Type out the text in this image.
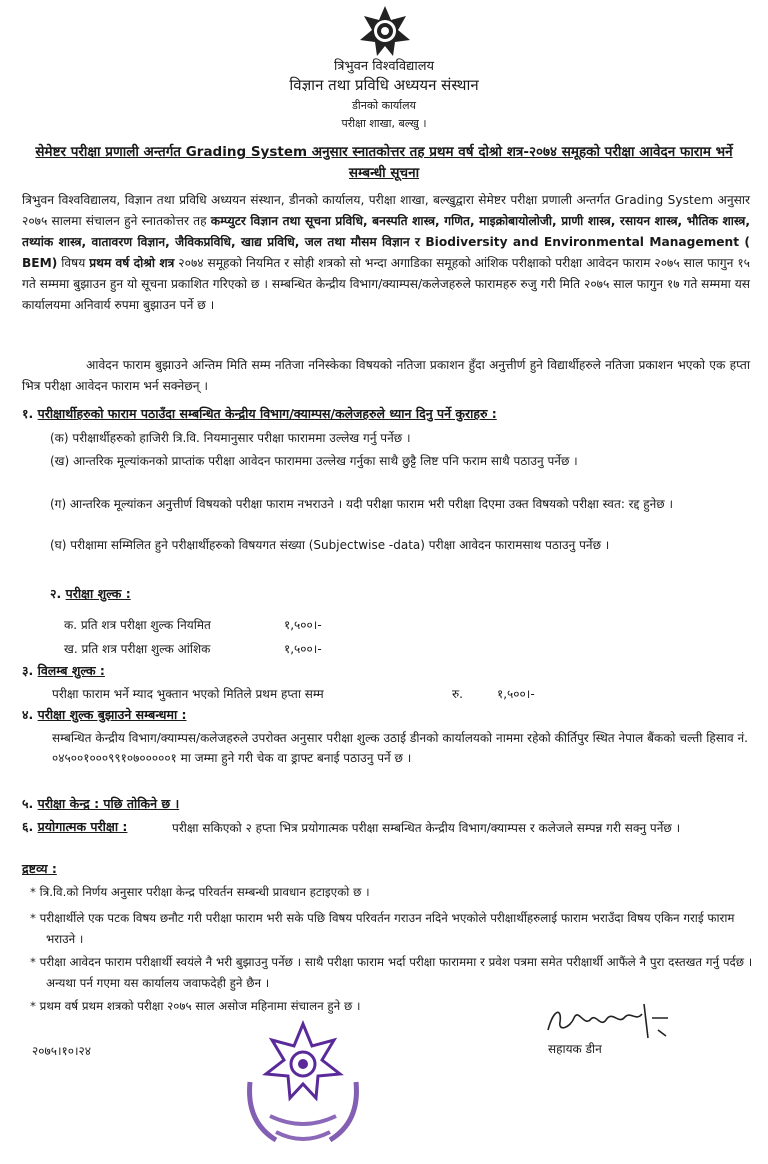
त्रिभुवन विश्वविद्यालय
विज्ञान तथा प्रविधि अध्ययन संस्थान
डीनको कार्यालय
परीक्षा शाखा, बल्खु ।
सेमेष्टर परीक्षा प्रणाली अन्तर्गत Grading System अनुसार स्नातकोत्तर तह प्रथम वर्ष दोश्रो शत्र-२०७४ समूहको परीक्षा आवेदन फाराम भर्ने सम्बन्धी सूचना
त्रिभुवन विश्वविद्यालय, विज्ञान तथा प्रविधि अध्ययन संस्थान, डीनको कार्यालय, परीक्षा शाखा, बल्खुद्वारा सेमेष्टर परीक्षा प्रणाली अन्तर्गत Grading System अनुसार २०७५ सालमा संचालन हुने स्नातकोत्तर तह कम्प्युटर विज्ञान तथा सूचना प्रविधि, बनस्पति शास्त्र, गणित, माइक्रोबायोलोजी, प्राणी शास्त्र, रसायन शास्त्र, भौतिक शास्त्र, तथ्यांक शास्त्र, वातावरण विज्ञान, जैविकप्रविधि, खाद्य प्रविधि, जल तथा मौसम विज्ञान र Biodiversity and Environmental Management ( BEM) विषय प्रथम वर्ष दोश्रो शत्र २०७४ समूहको नियमित र सोही शत्रको सो भन्दा अगाडिका समूहको आंशिक परीक्षाको परीक्षा आवेदन फाराम २०७५ साल फागुन १५ गते सम्ममा बुझाउन हुन यो सूचना प्रकाशित गरिएको छ । सम्बन्धित केन्द्रीय विभाग/क्याम्पस/कलेजहरुले फारामहरु रुजु गरी मिति २०७५ साल फागुन १७ गते सम्ममा यस कार्यालयमा अनिवार्य रुपमा बुझाउन पर्ने छ ।
आवेदन फाराम बुझाउने अन्तिम मिति सम्म नतिजा ननिस्केका विषयको नतिजा प्रकाशन हुँदा अनुत्तीर्ण हुने विद्यार्थीहरुले नतिजा प्रकाशन भएको एक हप्ता भित्र परीक्षा आवेदन फाराम भर्न सक्नेछन् ।
१. परीक्षार्थीहरुको फाराम पठाउँदा सम्बन्धित केन्द्रीय विभाग/क्याम्पस/कलेजहरुले ध्यान दिनु पर्ने कुराहरु :
(क) परीक्षार्थीहरुको हाजिरी त्रि.वि. नियमानुसार परीक्षा फाराममा उल्लेख गर्नु पर्नेछ ।
(ख) आन्तरिक मूल्यांकनको प्राप्तांक परीक्षा आवेदन फाराममा उल्लेख गर्नुका साथै छुट्टै लिष्ट पनि फराम साथै पठाउनु पर्नेछ ।
(ग) आन्तरिक मूल्यांकन अनुत्तीर्ण विषयको परीक्षा फाराम नभराउने । यदी परीक्षा फाराम भरी परीक्षा दिएमा उक्त विषयको परीक्षा स्वत: रद्द हुनेछ ।
(घ) परीक्षामा सम्मिलित हुने परीक्षार्थीहरुको विषयगत संख्या (Subjectwise -data) परीक्षा आवेदन फारामसाथ पठाउनु पर्नेछ ।
२. परीक्षा शुल्क :
क. प्रति शत्र परीक्षा शुल्क नियमित	१,५००।-
ख. प्रति शत्र परीक्षा शुल्क आंशिक	१,५००।-
३. विलम्ब शुल्क :
परीक्षा फाराम भर्ने म्याद भुक्तान भएको मितिले प्रथम हप्ता सम्म	रु.	१,५००।-
४. परीक्षा शुल्क बुझाउने सम्बन्धमा :
सम्बन्धित केन्द्रीय विभाग/क्याम्पस/कलेजहरुले उपरोक्त अनुसार परीक्षा शुल्क उठाई डीनको कार्यालयको नाममा रहेको कीर्तिपुर स्थित नेपाल बैंकको चल्ती हिसाव नं. ०४५००१०००९९१०७०००००१ मा जम्मा हुने गरी चेक वा ड्राफ्ट बनाई पठाउनु पर्ने छ ।
५. परीक्षा केन्द्र : पछि तोकिने छ ।
६. प्रयोगात्मक परीक्षा :	परीक्षा सकिएको २ हप्ता भित्र प्रयोगात्मक परीक्षा सम्बन्धित केन्द्रीय विभाग/क्याम्पस र कलेजले सम्पन्न गरी सक्नु पर्नेछ ।
द्रष्टव्य :
* त्रि.वि.को निर्णय अनुसार परीक्षा केन्द्र परिवर्तन सम्बन्धी प्रावधान हटाइएको छ ।
* परीक्षार्थीले एक पटक विषय छनौट गरी परीक्षा फाराम भरी सके पछि विषय परिवर्तन गराउन नदिने भएकोले परीक्षार्थीहरुलाई फाराम भराउँदा विषय एकिन गराई फाराम भराउने ।
* परीक्षा आवेदन फाराम परीक्षार्थी स्वयंले नै भरी बुझाउनु पर्नेछ । साथै परीक्षा फाराम भर्दा परीक्षा फाराममा र प्रवेश पत्रमा समेत परीक्षार्थी आफैंले नै पुरा दस्तखत गर्नु पर्दछ । अन्यथा पर्न गएमा यस कार्यालय जवाफदेही हुने छैन ।
* प्रथम वर्ष प्रथम शत्रको परीक्षा २०७५ साल असोज महिनामा संचालन हुने छ ।
२०७५।१०।२४	सहायक डीन
